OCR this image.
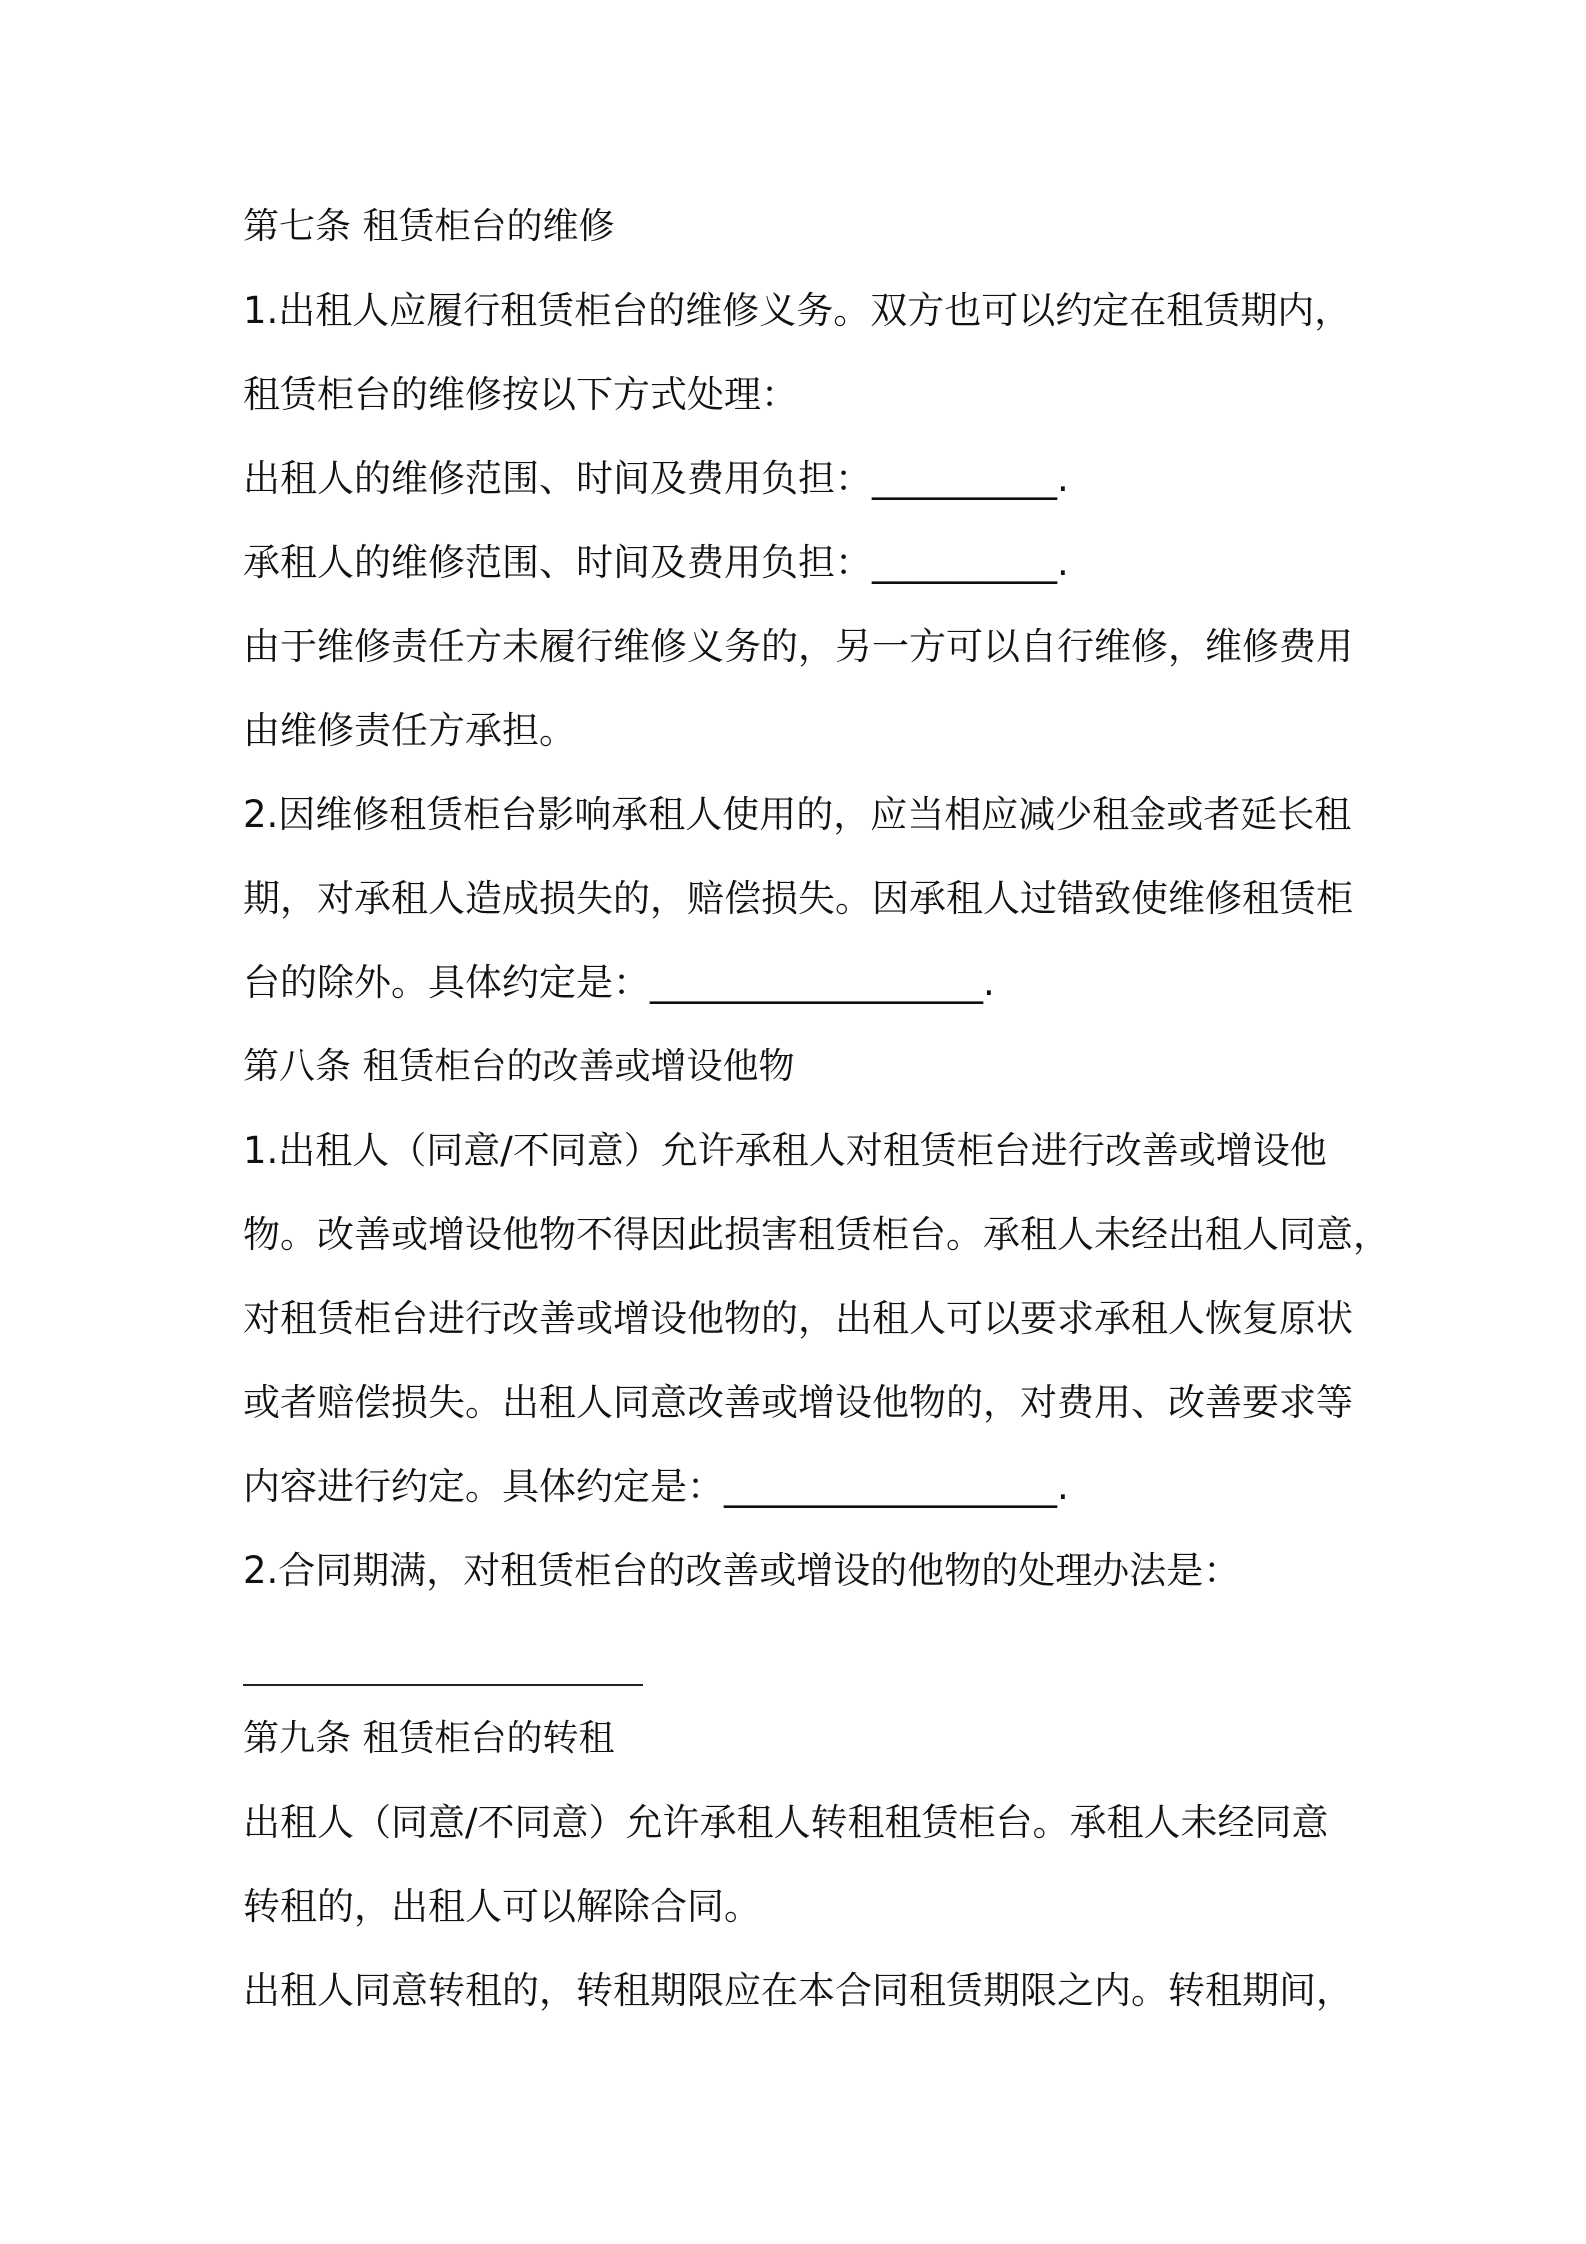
第七条 租赁柜台的维修

1.出租人应履行租赁柜台的维修义务。双方也可以约定在租赁期内，

租赁柜台的维修按以下方式处理：

出租人的维修范围、时间及费用负担：__________.

承租人的维修范围、时间及费用负担：__________.

由于维修责任方未履行维修义务的，另一方可以自行维修，维修费用

由维修责任方承担。

2.因维修租赁柜台影响承租人使用的，应当相应减少租金或者延长租

期，对承租人造成损失的，赔偿损失。因承租人过错致使维修租赁柜

台的除外。具体约定是：__________________.

第八条 租赁柜台的改善或增设他物

1.出租人（同意/不同意）允许承租人对租赁柜台进行改善或增设他

物。改善或增设他物不得因此损害租赁柜台。承租人未经出租人同意，

对租赁柜台进行改善或增设他物的，出租人可以要求承租人恢复原状

或者赔偿损失。出租人同意改善或增设他物的，对费用、改善要求等

内容进行约定。具体约定是：__________________.

2.合同期满，对租赁柜台的改善或增设的他物的处理办法是：

第九条 租赁柜台的转租

出租人（同意/不同意）允许承租人转租租赁柜台。承租人未经同意

转租的，出租人可以解除合同。

出租人同意转租的，转租期限应在本合同租赁期限之内。转租期间，
